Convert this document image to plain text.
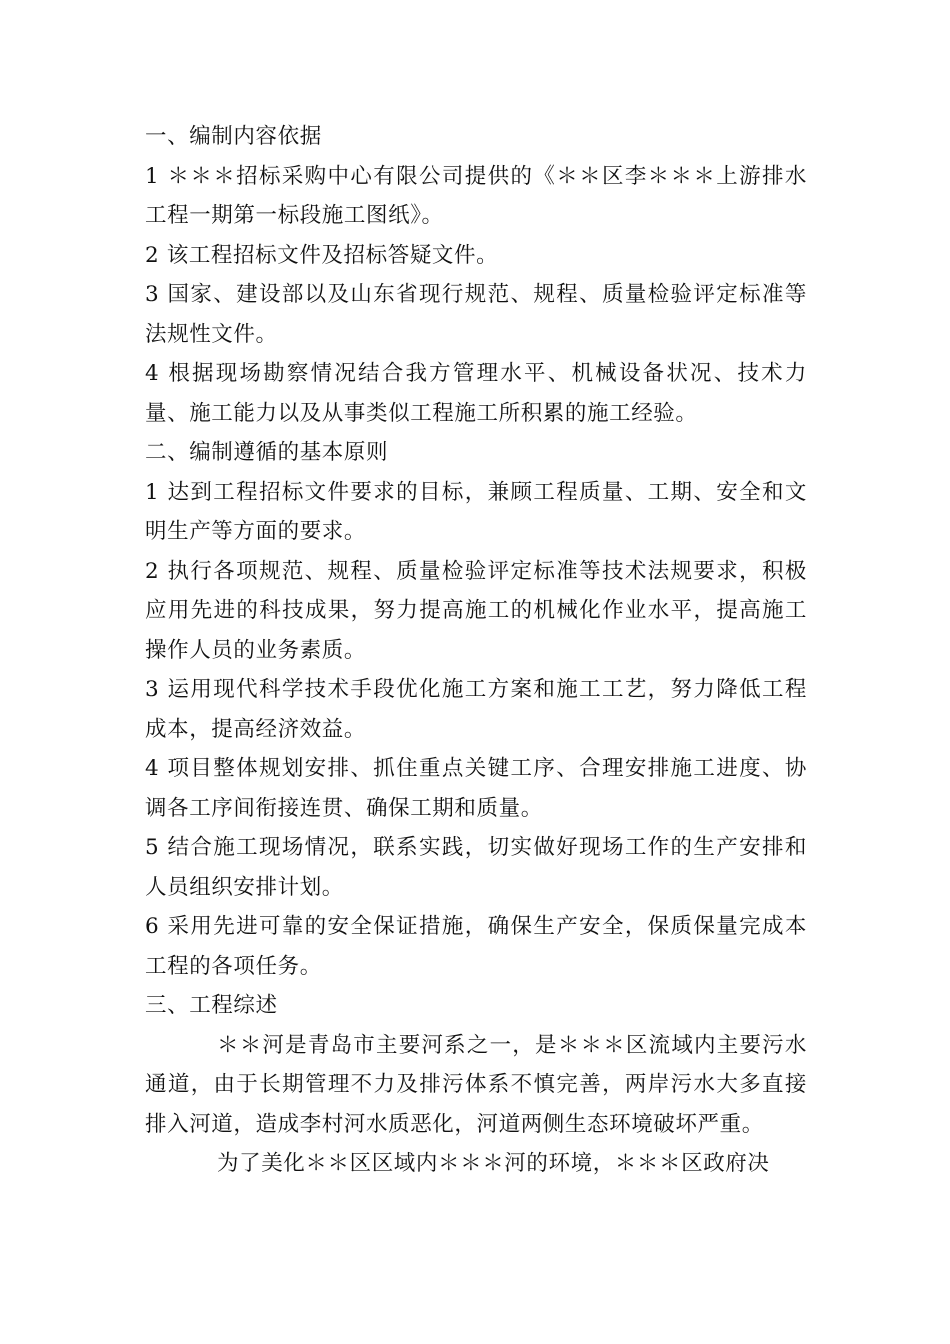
一、编制内容依据

1 ＊＊＊招标采购中心有限公司提供的《＊＊区李＊＊＊上游排水工程一期第一标段施工图纸》。

2 该工程招标文件及招标答疑文件。

3 国家、建设部以及山东省现行规范、规程、质量检验评定标准等法规性文件。

4 根据现场勘察情况结合我方管理水平、机械设备状况、技术力量、施工能力以及从事类似工程施工所积累的施工经验。

二、编制遵循的基本原则

1 达到工程招标文件要求的目标，兼顾工程质量、工期、安全和文明生产等方面的要求。

2 执行各项规范、规程、质量检验评定标准等技术法规要求，积极应用先进的科技成果，努力提高施工的机械化作业水平，提高施工操作人员的业务素质。

3 运用现代科学技术手段优化施工方案和施工工艺，努力降低工程成本，提高经济效益。

4 项目整体规划安排、抓住重点关键工序、合理安排施工进度、协调各工序间衔接连贯、确保工期和质量。

5 结合施工现场情况，联系实践，切实做好现场工作的生产安排和人员组织安排计划。

6 采用先进可靠的安全保证措施，确保生产安全，保质保量完成本工程的各项任务。

三、工程综述

＊＊河是青岛市主要河系之一，是＊＊＊区流域内主要污水通道，由于长期管理不力及排污体系不慎完善，两岸污水大多直接排入河道，造成李村河水质恶化，河道两侧生态环境破坏严重。

为了美化＊＊区区域内＊＊＊河的环境，＊＊＊区政府决
